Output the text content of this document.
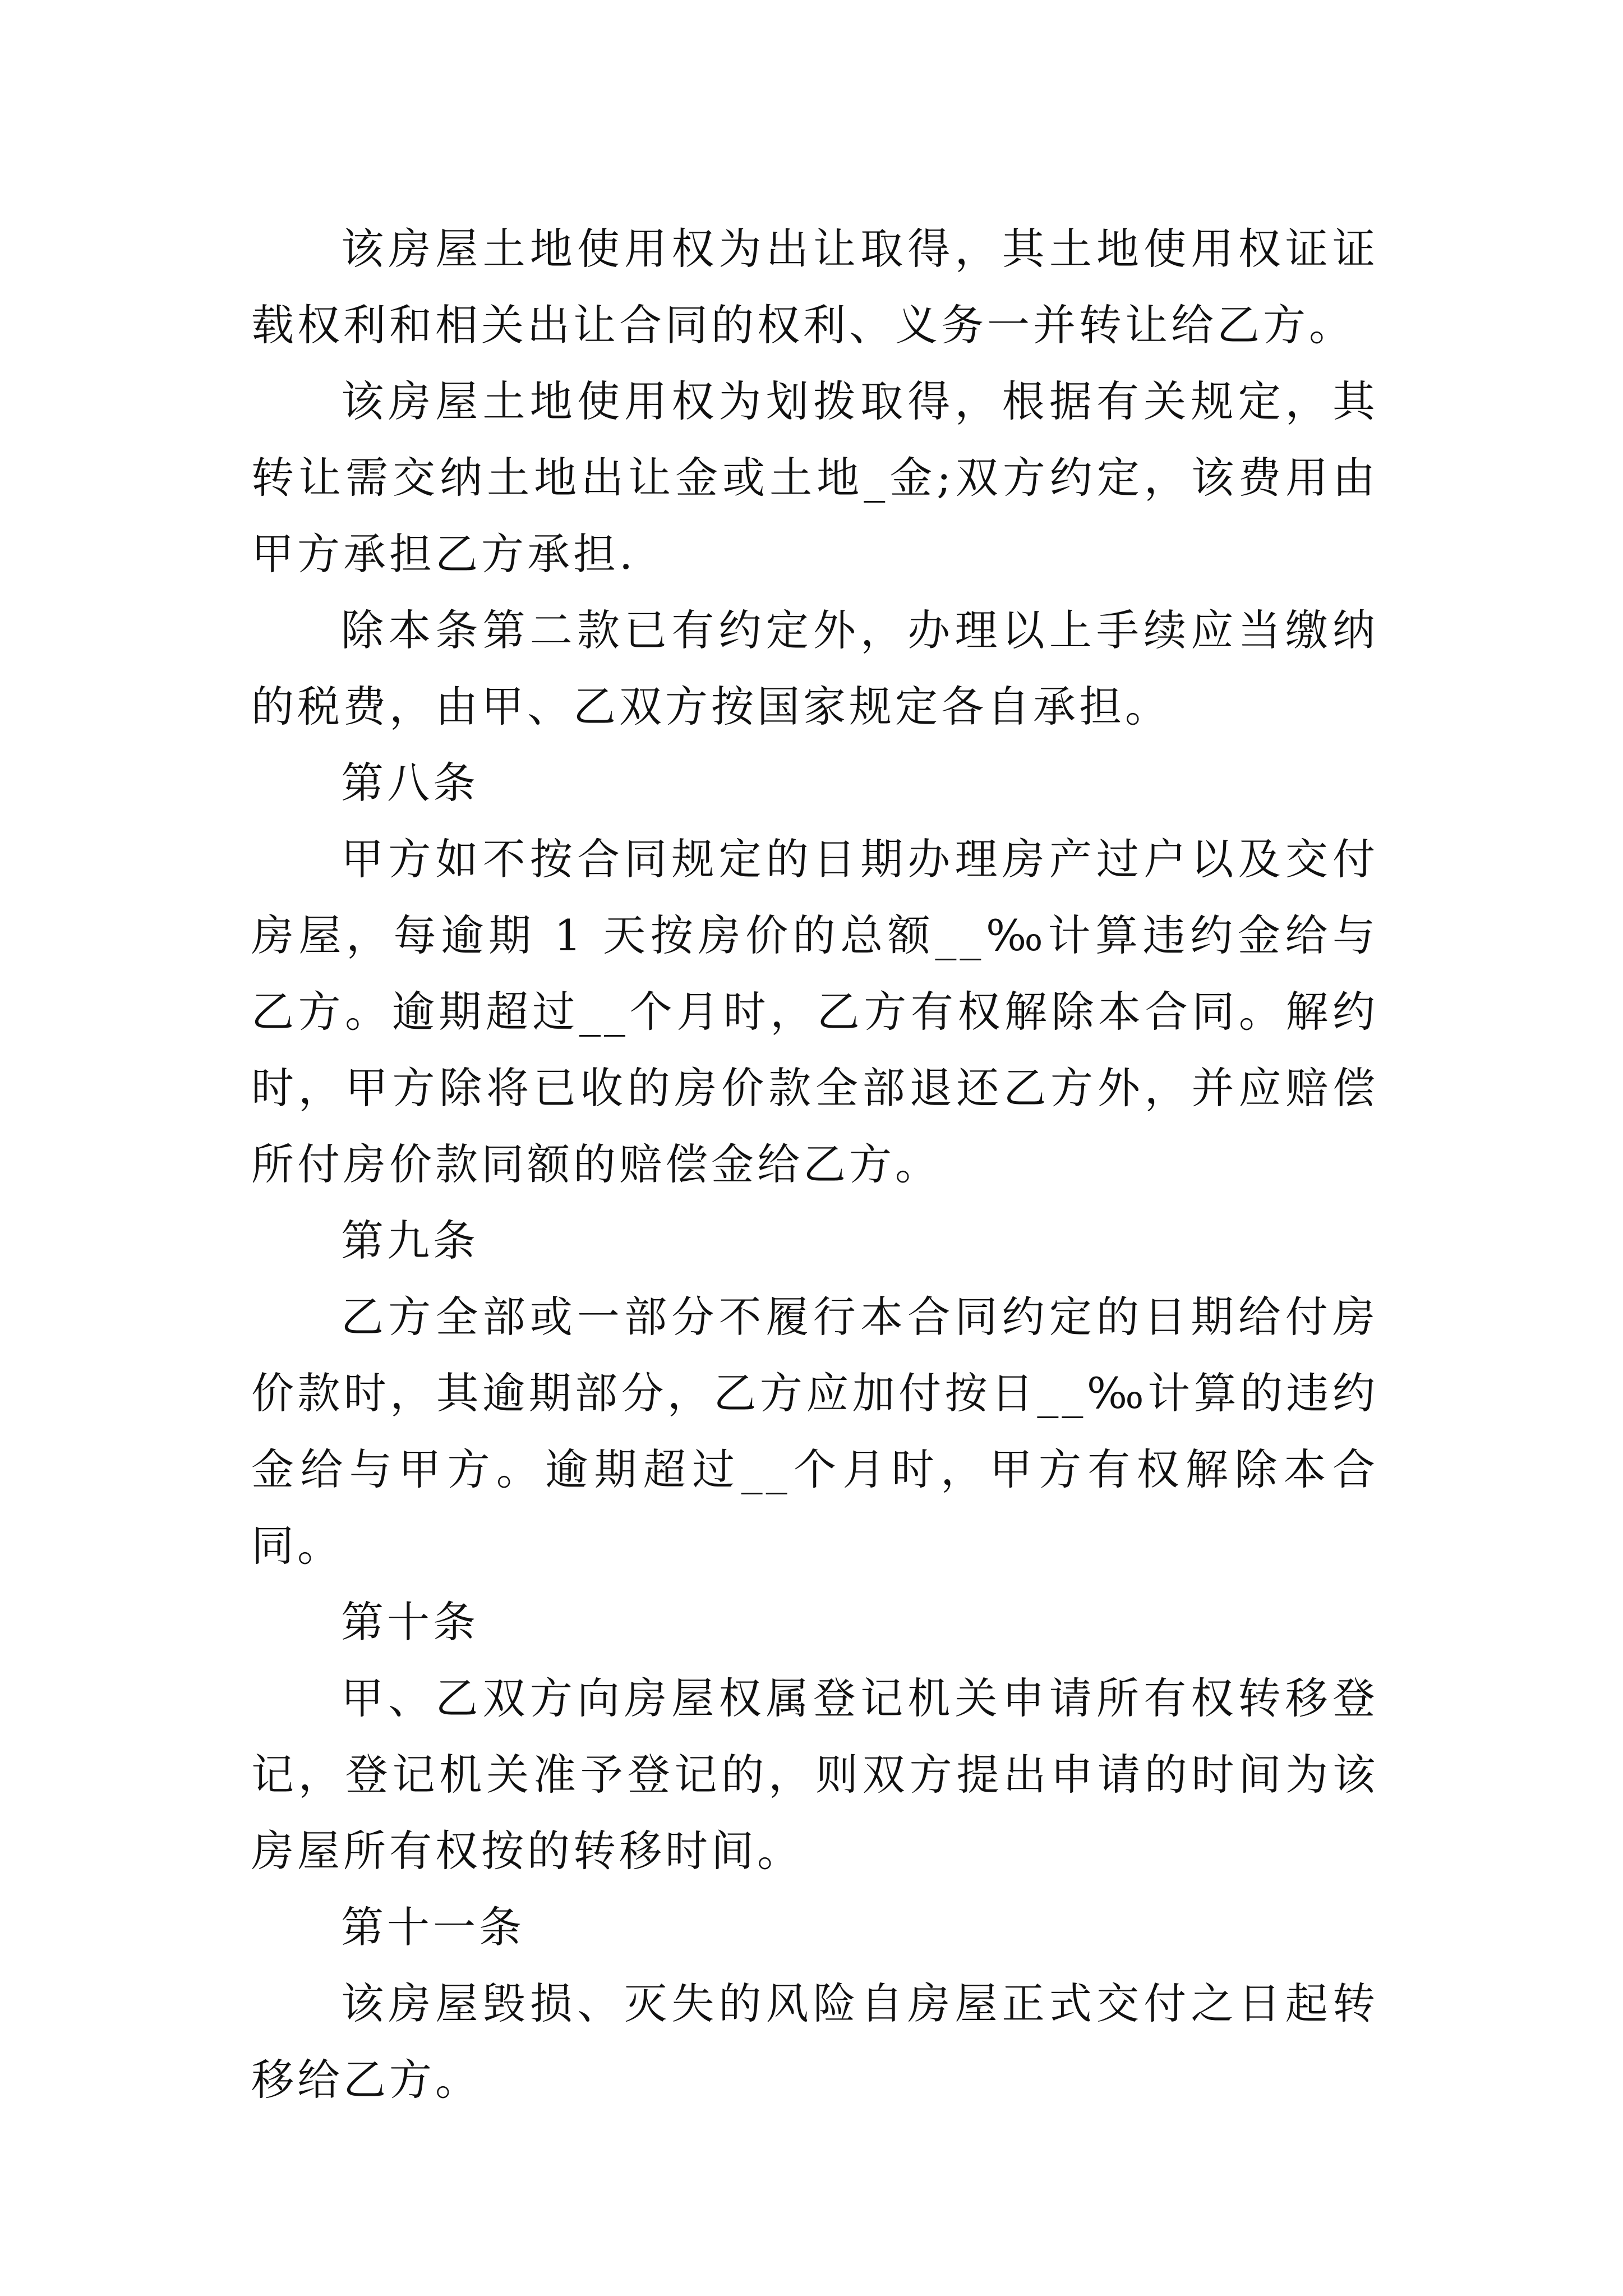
该房屋土地使用权为出让取得，其土地使用权证证载权利和相关出让合同的权利、义务一并转让给乙方。

该房屋土地使用权为划拨取得，根据有关规定，其转让需交纳土地出让金或土地_金;双方约定，该费用由甲方承担乙方承担.

除本条第二款已有约定外，办理以上手续应当缴纳的税费，由甲、乙双方按国家规定各自承担。

第八条

甲方如不按合同规定的日期办理房产过户以及交付房屋，每逾期 1 天按房价的总额__‰计算违约金给与乙方。逾期超过__个月时，乙方有权解除本合同。解约时，甲方除将已收的房价款全部退还乙方外，并应赔偿所付房价款同额的赔偿金给乙方。

第九条

乙方全部或一部分不履行本合同约定的日期给付房价款时，其逾期部分，乙方应加付按日__‰计算的违约金给与甲方。逾期超过__个月时，甲方有权解除本合同。

第十条

甲、乙双方向房屋权属登记机关申请所有权转移登记，登记机关准予登记的，则双方提出申请的时间为该房屋所有权按的转移时间。

第十一条

该房屋毁损、灭失的风险自房屋正式交付之日起转移给乙方。
